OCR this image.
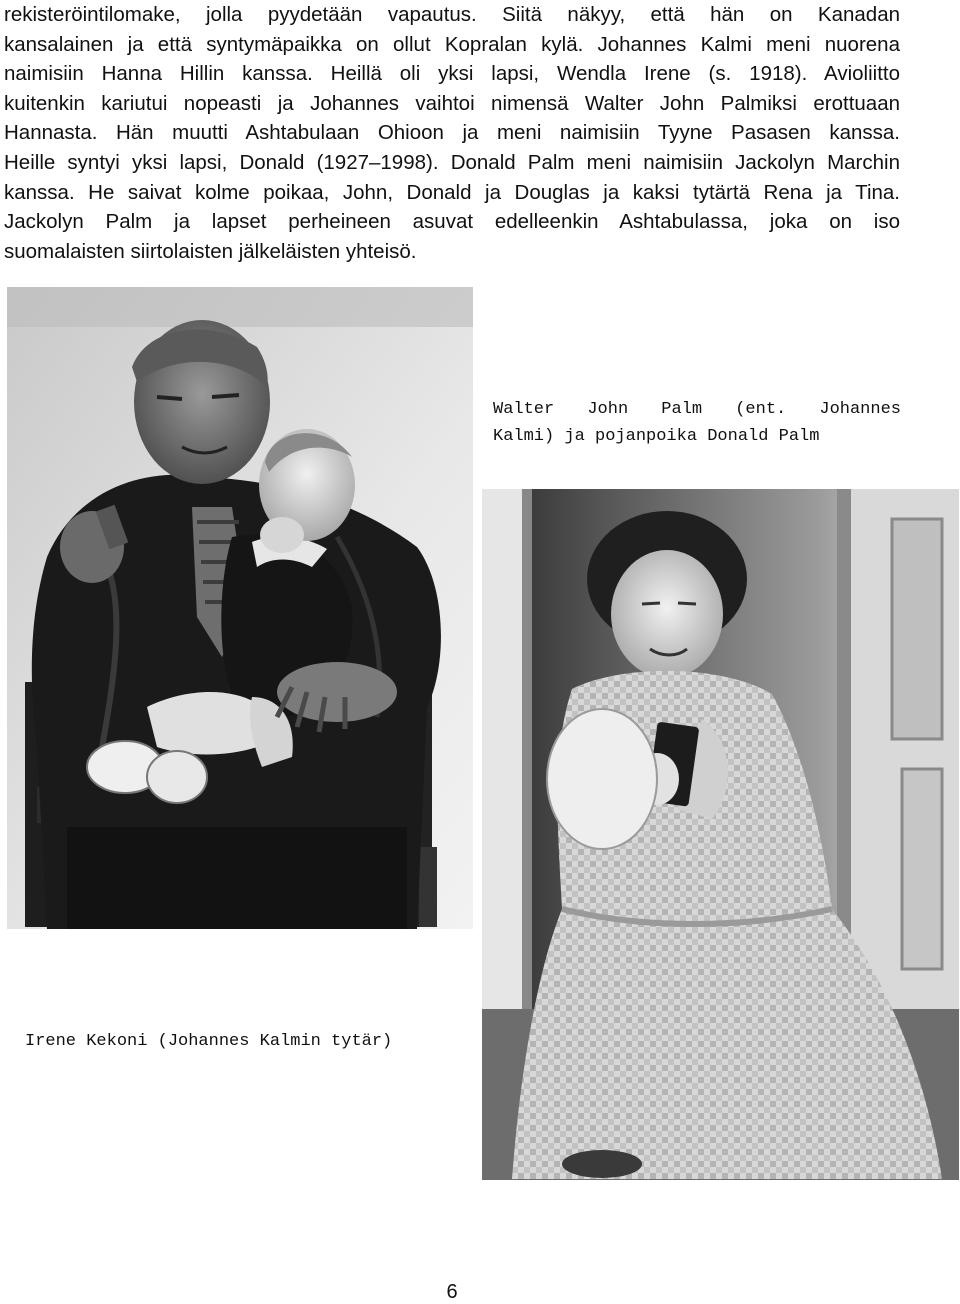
rekisteröintilomake, jolla pyydetään vapautus. Siitä näkyy, että hän on Kanadan
kansalainen ja että syntymäpaikka on ollut Kopralan kylä. Johannes Kalmi meni nuorena
naimisiin Hanna Hillin kanssa. Heillä oli yksi lapsi, Wendla Irene (s. 1918). Avioliitto
kuitenkin kariutui nopeasti ja Johannes vaihtoi nimensä Walter John Palmiksi erottuaan
Hannasta. Hän muutti Ashtabulaan Ohioon ja meni naimisiin Tyyne Pasasen kanssa.
Heille syntyi yksi lapsi, Donald (1927–1998). Donald Palm meni naimisiin Jackolyn Marchin
kanssa. He saivat kolme poikaa, John, Donald ja Douglas ja kaksi tytärtä Rena ja Tina.
Jackolyn Palm ja lapset perheineen asuvat edelleenkin Ashtabulassa, joka on iso
suomalaisten siirtolaisten jälkeläisten yhteisö.
Walter John Palm (ent. Johannes
Kalmi) ja pojanpoika Donald Palm
Irene Kekoni (Johannes Kalmin tytär)
6
